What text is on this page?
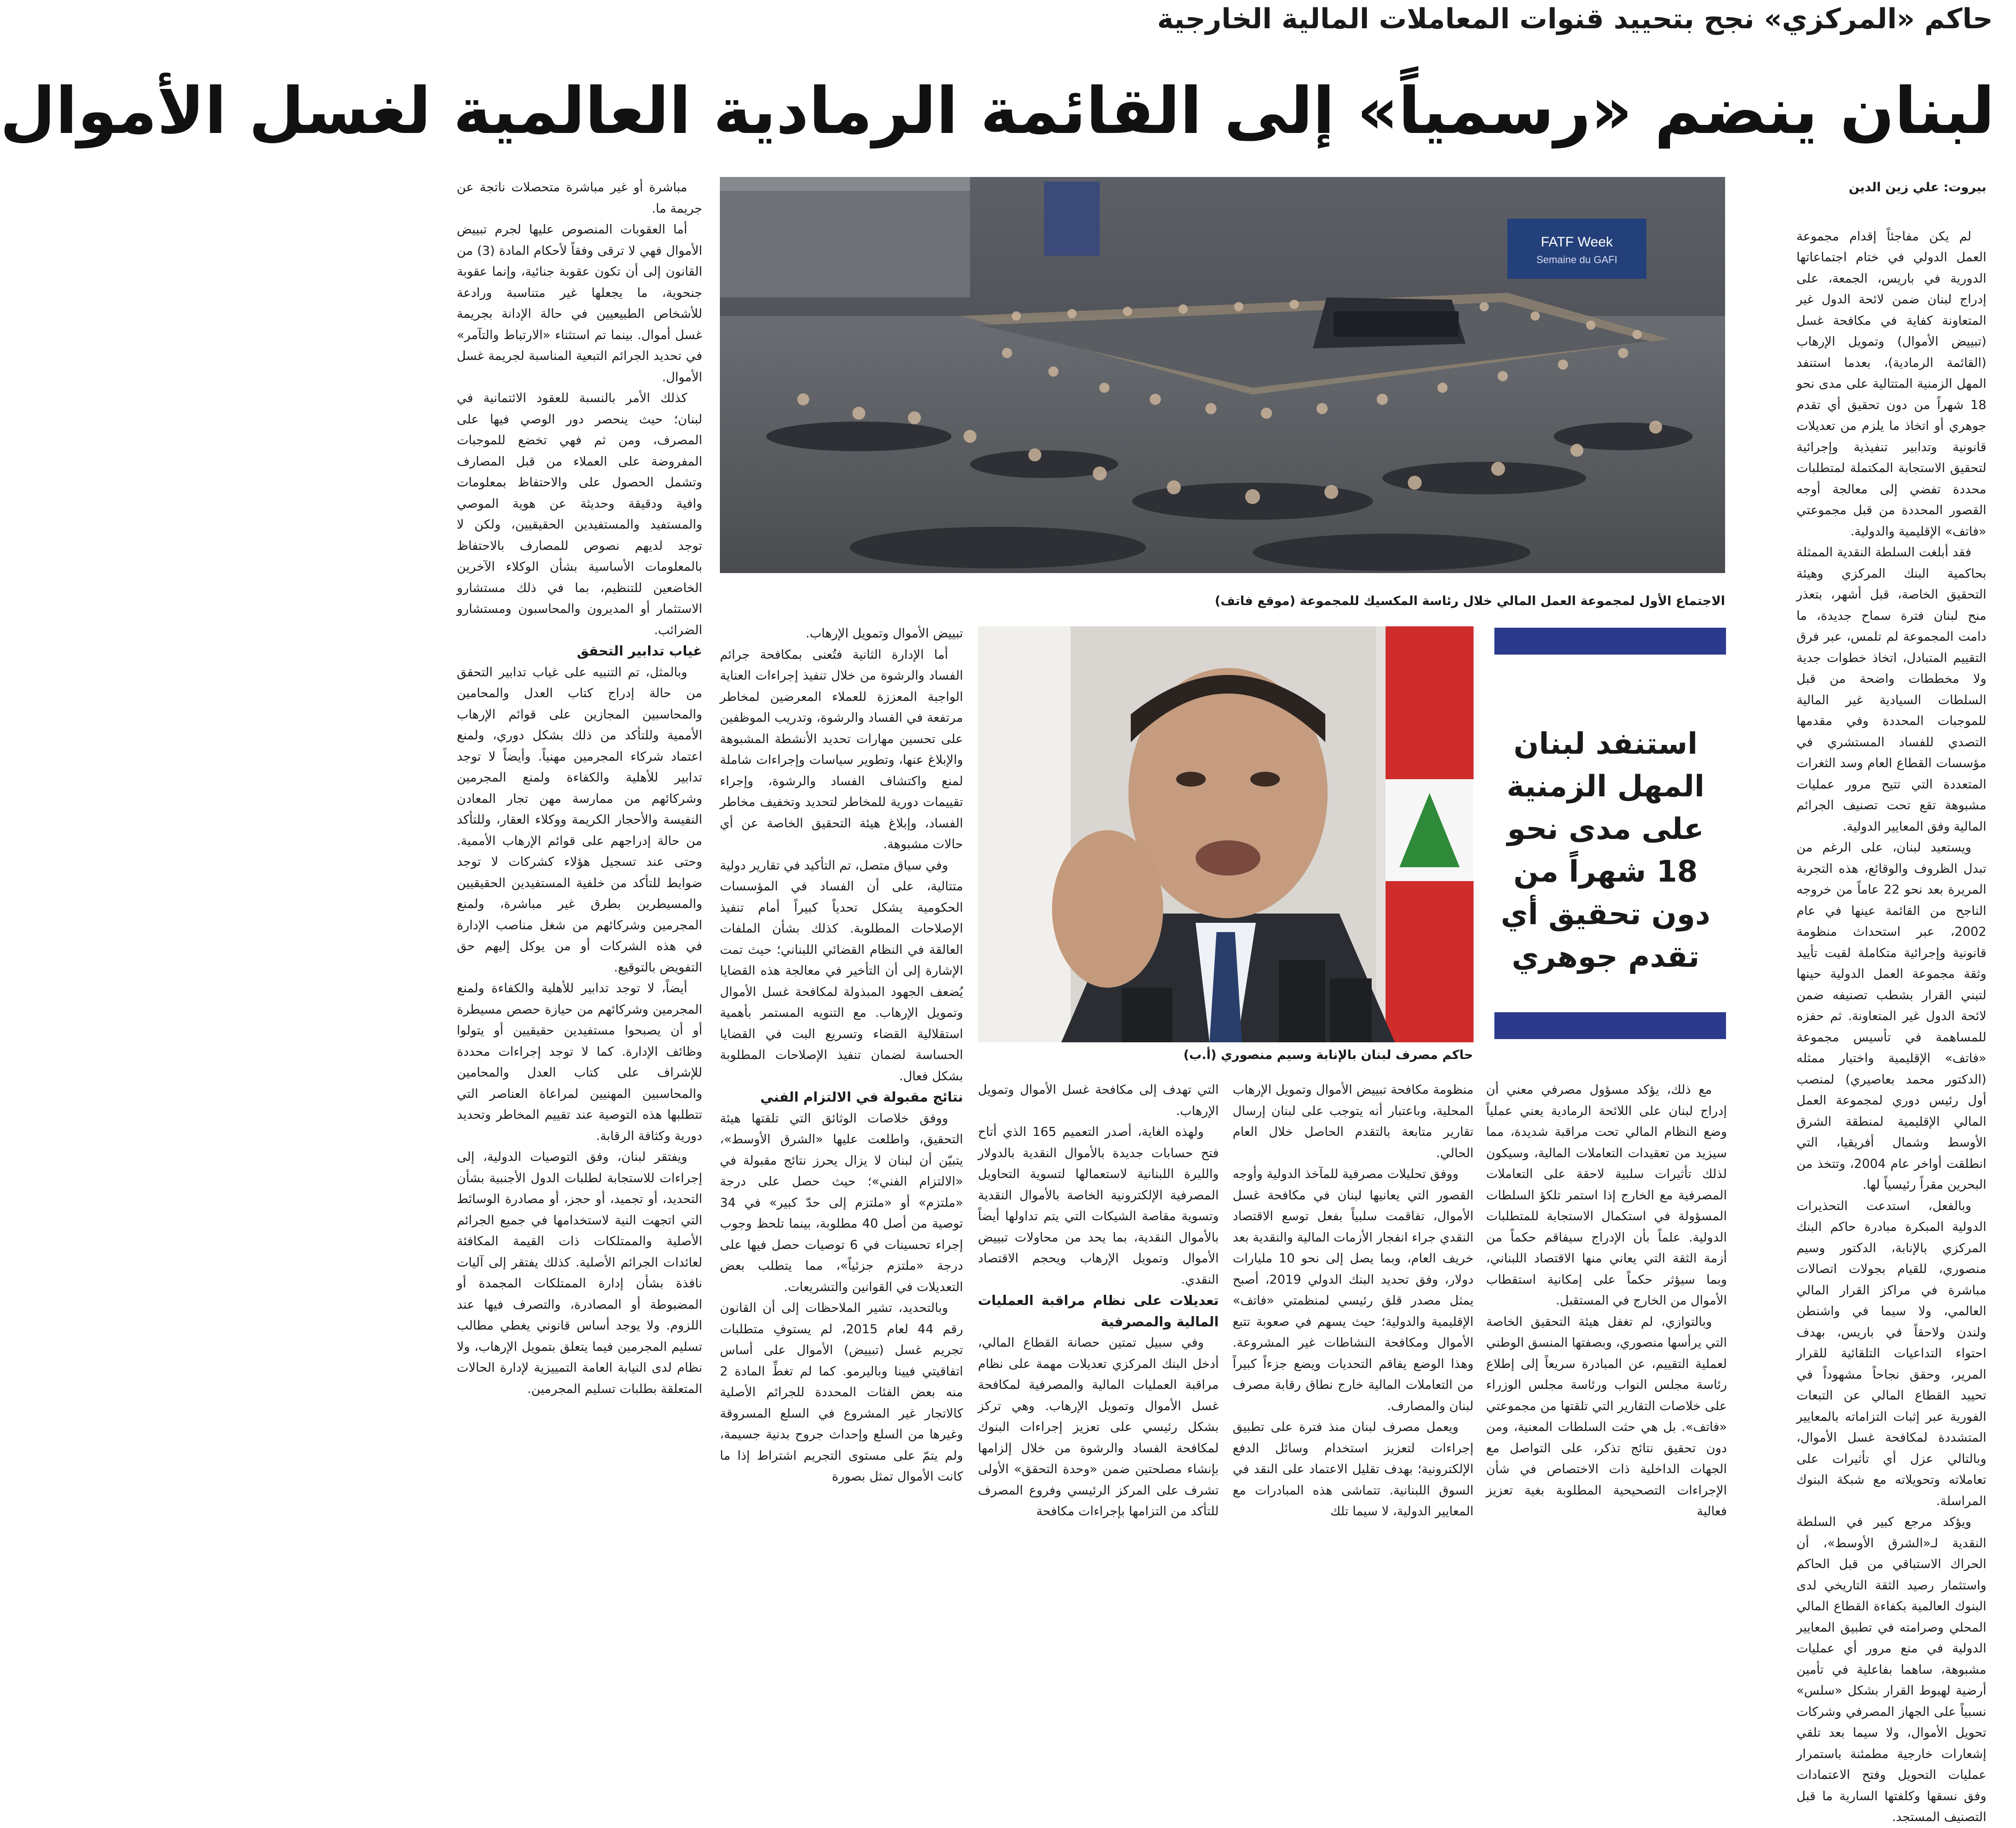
حاكم «المركزي» نجح بتحييد قنوات المعاملات المالية الخارجية
لبنان ينضم «رسمياً» إلى القائمة الرمادية العالمية لغسل الأموال

بيروت: علي زين الدين

لم يكن مفاجئاً إقدام مجموعة العمل الدولي في ختام اجتماعاتها الدورية في باريس، الجمعة، على إدراج لبنان ضمن لائحة الدول غير المتعاونة كفاية في مكافحة غسل (تبييض الأموال) وتمويل الإرهاب (القائمة الرمادية)، بعدما استنفد المهل الزمنية المتتالية على مدى نحو 18 شهراً من دون تحقيق أي تقدم جوهري أو اتخاذ ما يلزم من تعديلات قانونية وتدابير تنفيذية وإجرائية لتحقيق الاستجابة المكتملة لمتطلبات محددة تفضي إلى معالجة أوجه القصور المحددة من قبل مجموعتي «فاتف» الإقليمية والدولية.

فقد أبلغت السلطة النقدية الممثلة بحاكمية البنك المركزي وهيئة التحقيق الخاصة، قبل أشهر، بتعذر منح لبنان فترة سماح جديدة، ما دامت المجموعة لم تلمس، عبر فرق التقييم المتبادل، اتخاذ خطوات جدية ولا مخططات واضحة من قبل السلطات السيادية غير المالية للموجبات المحددة وفي مقدمها التصدي للفساد المستشري في مؤسسات القطاع العام وسد الثغرات المتعددة التي تتيح مرور عمليات مشبوهة تقع تحت تصنيف الجرائم المالية وفق المعايير الدولية.

ويستعيد لبنان، على الرغم من تبدل الظروف والوقائع، هذه التجربة المريرة بعد نحو 22 عاماً من خروجه الناجح من القائمة عينها في عام 2002، عبر استحداث منظومة قانونية وإجرائية متكاملة لقيت تأييد وثقة مجموعة العمل الدولية حينها لتبني القرار بشطب تصنيفه ضمن لائحة الدول غير المتعاونة. ثم حفزه للمساهمة في تأسيس مجموعة «فاتف» الإقليمية واختيار ممثله (الدكتور محمد بعاصيري) لمنصب أول رئيس دوري لمجموعة العمل المالي الإقليمية لمنطقة الشرق الأوسط وشمال أفريقيا، التي انطلقت أواخر عام 2004، وتتخذ من البحرين مقراً رئيسياً لها.

وبالفعل، استدعت التحذيرات الدولية المبكرة مبادرة حاكم البنك المركزي بالإنابة، الدكتور وسيم منصوري، للقيام بجولات اتصالات مباشرة في مراكز القرار المالي العالمي، ولا سيما في واشنطن ولندن ولاحقاً في باريس، بهدف احتواء التداعيات التلقائية للقرار المرير، وحقق نجاحاً مشهوداً في تحييد القطاع المالي عن التبعات الفورية عبر إثبات التزاماته بالمعايير المتشددة لمكافحة غسل الأموال، وبالتالي عزل أي تأثيرات على تعاملاته وتحويلاته مع شبكة البنوك المراسلة.

ويؤكد مرجع كبير في السلطة النقدية لـ«الشرق الأوسط»، أن الحراك الاستباقي من قبل الحاكم واستثمار رصيد الثقة التاريخي لدى البنوك العالمية بكفاءة القطاع المالي المحلي وصرامته في تطبيق المعايير الدولية في منع مرور أي عمليات مشبوهة، ساهما بفاعلية في تأمين أرضية لهبوط القرار بشكل «سلس» نسبياً على الجهاز المصرفي وشركات تحويل الأموال، ولا سيما بعد تلقي إشعارات خارجية مطمئنة باستمرار عمليات التحويل وفتح الاعتمادات وفق نسقها وكلفتها السارية ما قبل التصنيف المستجد.

FATF Week
Semaine du GAFI
الاجتماع الأول لمجموعة العمل المالي خلال رئاسة المكسيك للمجموعة (موقع فاتف)

مباشرة أو غير مباشرة متحصلات ناتجة عن جريمة ما.

أما العقوبات المنصوص عليها لجرم تبييض الأموال فهي لا ترقى وفقاً لأحكام المادة (3) من القانون إلى أن تكون عقوبة جنائية، وإنما عقوبة جنحوية، ما يجعلها غير متناسبة ورادعة للأشخاص الطبيعيين في حالة الإدانة بجريمة غسل أموال. بينما تم استثناء «الارتباط والتآمر» في تحديد الجرائم التبعية المناسبة لجريمة غسل الأموال.

كذلك الأمر بالنسبة للعقود الائتمانية في لبنان؛ حيث ينحصر دور الوصي فيها على المصرف، ومن ثم فهي تخضع للموجبات المفروضة على العملاء من قبل المصارف وتشمل الحصول على والاحتفاظ بمعلومات وافية ودقيقة وحديثة عن هوية الموصي والمستفيد والمستفيدين الحقيقيين، ولكن لا توجد لديهم نصوص للمصارف بالاحتفاظ بالمعلومات الأساسية بشأن الوكلاء الآخرين الخاضعين للتنظيم، بما في ذلك مستشارو الاستثمار أو المديرون والمحاسبون ومستشارو الضرائب.

غياب تدابير التحقق

وبالمثل، تم التنبيه على غياب تدابير التحقق من حالة إدراج كتاب العدل والمحامين والمحاسبين المجازين على قوائم الإرهاب الأممية وللتأكد من ذلك بشكل دوري، ولمنع اعتماد شركاء المجرمين مهنياً. وأيضاً لا توجد تدابير للأهلية والكفاءة ولمنع المجرمين وشركائهم من ممارسة مهن تجار المعادن النفيسة والأحجار الكريمة ووكلاء العقار، وللتأكد من حالة إدراجهم على قوائم الإرهاب الأممية. وحتى عند تسجيل هؤلاء كشركات لا توجد ضوابط للتأكد من خلفية المستفيدين الحقيقيين والمسيطرين بطرق غير مباشرة، ولمنع المجرمين وشركائهم من شغل مناصب الإدارة في هذه الشركات أو من يوكل إليهم حق التفويض بالتوقيع.

أيضاً، لا توجد تدابير للأهلية والكفاءة ولمنع المجرمين وشركائهم من حيازة حصص مسيطرة أو أن يصبحوا مستفيدين حقيقيين أو يتولوا وظائف الإدارة. كما لا توجد إجراءات محددة للإشراف على كتاب العدل والمحامين والمحاسبين المهنيين لمراعاة العناصر التي تتطلبها هذه التوصية عند تقييم المخاطر وتحديد دورية وكثافة الرقابة.

ويفتقر لبنان، وفق التوصيات الدولية، إلى إجراءات للاستجابة لطلبات الدول الأجنبية بشأن التحديد، أو تجميد، أو حجز، أو مصادرة الوسائط التي اتجهت النية لاستخدامها في جميع الجرائم الأصلية والممتلكات ذات القيمة المكافئة لعائدات الجرائم الأصلية. كذلك يفتقر إلى آليات نافذة بشأن إدارة الممتلكات المجمدة أو المضبوطة أو المصادرة، والتصرف فيها عند اللزوم. ولا يوجد أساس قانوني يغطي مطالب تسليم المجرمين فيما يتعلق بتمويل الإرهاب، ولا نظام لدى النيابة العامة التمييزية لإدارة الحالات المتعلقة بطلبات تسليم المجرمين.

استنفد لبنان المهل الزمنية على مدى نحو 18 شهراً من دون تحقيق أي تقدم جوهري
حاكم مصرف لبنان بالإنابة وسيم منصوري (أ.ب)

تبييض الأموال وتمويل الإرهاب.

أما الإدارة الثانية فتُعنى بمكافحة جرائم الفساد والرشوة من خلال تنفيذ إجراءات العناية الواجبة المعززة للعملاء المعرضين لمخاطر مرتفعة في الفساد والرشوة، وتدريب الموظفين على تحسين مهارات تحديد الأنشطة المشبوهة والإبلاغ عنها، وتطوير سياسات وإجراءات شاملة لمنع واكتشاف الفساد والرشوة، وإجراء تقييمات دورية للمخاطر لتحديد وتخفيف مخاطر الفساد، وإبلاغ هيئة التحقيق الخاصة عن أي حالات مشبوهة.

وفي سياق متصل، تم التأكيد في تقارير دولية متتالية، على أن الفساد في المؤسسات الحكومية يشكل تحدياً كبيراً أمام تنفيذ الإصلاحات المطلوبة. كذلك بشأن الملفات العالقة في النظام القضائي اللبناني؛ حيث تمت الإشارة إلى أن التأخير في معالجة هذه القضايا يُضعف الجهود المبذولة لمكافحة غسل الأموال وتمويل الإرهاب. مع التنويه المستمر بأهمية استقلالية القضاء وتسريع البت في القضايا الحساسة لضمان تنفيذ الإصلاحات المطلوبة بشكل فعال.

نتائج مقبولة في الالتزام الفني

ووفق خلاصات الوثائق التي تلقتها هيئة التحقيق، واطلعت عليها «الشرق الأوسط»، يتبيّن أن لبنان لا يزال يحرز نتائج مقبولة في «الالتزام الفني»؛ حيث حصل على درجة «ملتزم» أو «ملتزم إلى حدّ كبير» في 34 توصية من أصل 40 مطلوبة، بينما تلحظ وجوب إجراء تحسينات في 6 توصيات حصل فيها على درجة «ملتزم جزئياً»، مما يتطلب بعض التعديلات في القوانين والتشريعات.

وبالتحديد، تشير الملاحظات إلى أن القانون رقم 44 لعام 2015، لم يستوفِ متطلبات تجريم غسل (تبييض) الأموال على أساس اتفاقيتي فيينا وباليرمو. كما لم تغطِّ المادة 2 منه بعض الفئات المحددة للجرائم الأصلية كالاتجار غير المشروع في السلع المسروقة وغيرها من السلع وإحداث جروح بدنية جسيمة، ولم يتمّ على مستوى التجريم اشتراط إذا ما كانت الأموال تمثل بصورة

التي تهدف إلى مكافحة غسل الأموال وتمويل الإرهاب.

ولهذه الغاية، أصدر التعميم 165 الذي أتاح فتح حسابات جديدة بالأموال النقدية بالدولار والليرة اللبنانية لاستعمالها لتسوية التحاويل المصرفية الإلكترونية الخاصة بالأموال النقدية وتسوية مقاصة الشيكات التي يتم تداولها أيضاً بالأموال النقدية، بما يحد من محاولات تبييض الأموال وتمويل الإرهاب ويحجم الاقتصاد النقدي.

تعديلات على نظام مراقبة العمليات المالية والمصرفية

وفي سبيل تمتين حصانة القطاع المالي، أدخل البنك المركزي تعديلات مهمة على نظام مراقبة العمليات المالية والمصرفية لمكافحة غسل الأموال وتمويل الإرهاب. وهي تركز بشكل رئيسي على تعزيز إجراءات البنوك لمكافحة الفساد والرشوة من خلال إلزامها بإنشاء مصلحتين ضمن «وحدة التحقق» الأولى تشرف على المركز الرئيسي وفروع المصرف للتأكد من التزامها بإجراءات مكافحة

منظومة مكافحة تبييض الأموال وتمويل الإرهاب المحلية، وباعتبار أنه يتوجب على لبنان إرسال تقارير متابعة بالتقدم الحاصل خلال العام الحالي.

ووفق تحليلات مصرفية للمآخذ الدولية وأوجه القصور التي يعانيها لبنان في مكافحة غسل الأموال، تفاقمت سلبياً بفعل توسع الاقتصاد النقدي جراء انفجار الأزمات المالية والنقدية بعد خريف العام، وبما يصل إلى نحو 10 مليارات دولار، وفق تحديد البنك الدولي 2019، أصبح يمثل مصدر قلق رئيسي لمنظمتي «فاتف» الإقليمية والدولية؛ حيث يسهم في صعوبة تتبع الأموال ومكافحة النشاطات غير المشروعة. وهذا الوضع يفاقم التحديات ويضع جزءاً كبيراً من التعاملات المالية خارج نطاق رقابة مصرف لبنان والمصارف.

ويعمل مصرف لبنان منذ فترة على تطبيق إجراءات لتعزيز استخدام وسائل الدفع الإلكترونية؛ بهدف تقليل الاعتماد على النقد في السوق اللبنانية. تتماشى هذه المبادرات مع المعايير الدولية، لا سيما تلك

مع ذلك، يؤكد مسؤول مصرفي معني أن إدراج لبنان على اللائحة الرمادية يعني عملياً وضع النظام المالي تحت مراقبة شديدة، مما سيزيد من تعقيدات التعاملات المالية، وسيكون لذلك تأثيرات سلبية لاحقة على التعاملات المصرفية مع الخارج إذا استمر تلكؤ السلطات المسؤولة في استكمال الاستجابة للمتطلبات الدولية. علماً بأن الإدراج سيفاقم حكماً من أزمة الثقة التي يعاني منها الاقتصاد اللبناني، وبما سيؤثر حكماً على إمكانية استقطاب الأموال من الخارج في المستقبل.

وبالتوازي، لم تغفل هيئة التحقيق الخاصة التي يرأسها منصوري، وبصفتها المنسق الوطني لعملية التقييم، عن المبادرة سريعاً إلى إطلاع رئاسة مجلس النواب ورئاسة مجلس الوزراء على خلاصات التقارير التي تلقتها من مجموعتي «فاتف». بل هي حثت السلطات المعنية، ومن دون تحقيق نتائج تذكر، على التواصل مع الجهات الداخلية ذات الاختصاص في شأن الإجراءات التصحيحية المطلوبة بغية تعزيز فعالية
